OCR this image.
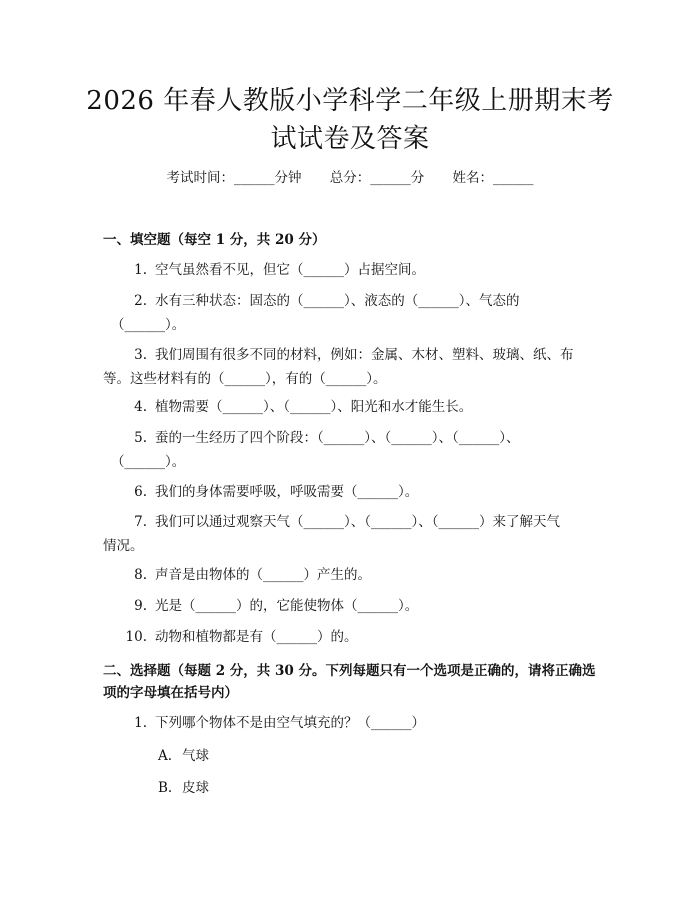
2026 年春人教版小学科学二年级上册期末考
试试卷及答案
考试时间：______分钟 总分：______分 姓名：______
一、填空题（每空 1 分，共 20 分）
1. 空气虽然看不见，但它（______）占据空间。
2. 水有三种状态：固态的（______）、液态的（______）、气态的
（______）。
3. 我们周围有很多不同的材料，例如：金属、木材、塑料、玻璃、纸、布
等。这些材料有的（______），有的（______）。
4. 植物需要（______）、（______）、阳光和水才能生长。
5. 蚕的一生经历了四个阶段：（______）、（______）、（______）、
（______）。
6. 我们的身体需要呼吸，呼吸需要（______）。
7. 我们可以通过观察天气（______）、（______）、（______）来了解天气
情况。
8. 声音是由物体的（______）产生的。
9. 光是（______）的，它能使物体（______）。
10. 动物和植物都是有（______）的。
二、选择题（每题 2 分，共 30 分。下列每题只有一个选项是正确的，请将正确选
项的字母填在括号内）
1. 下列哪个物体不是由空气填充的？（______）
A. 气球
B. 皮球
